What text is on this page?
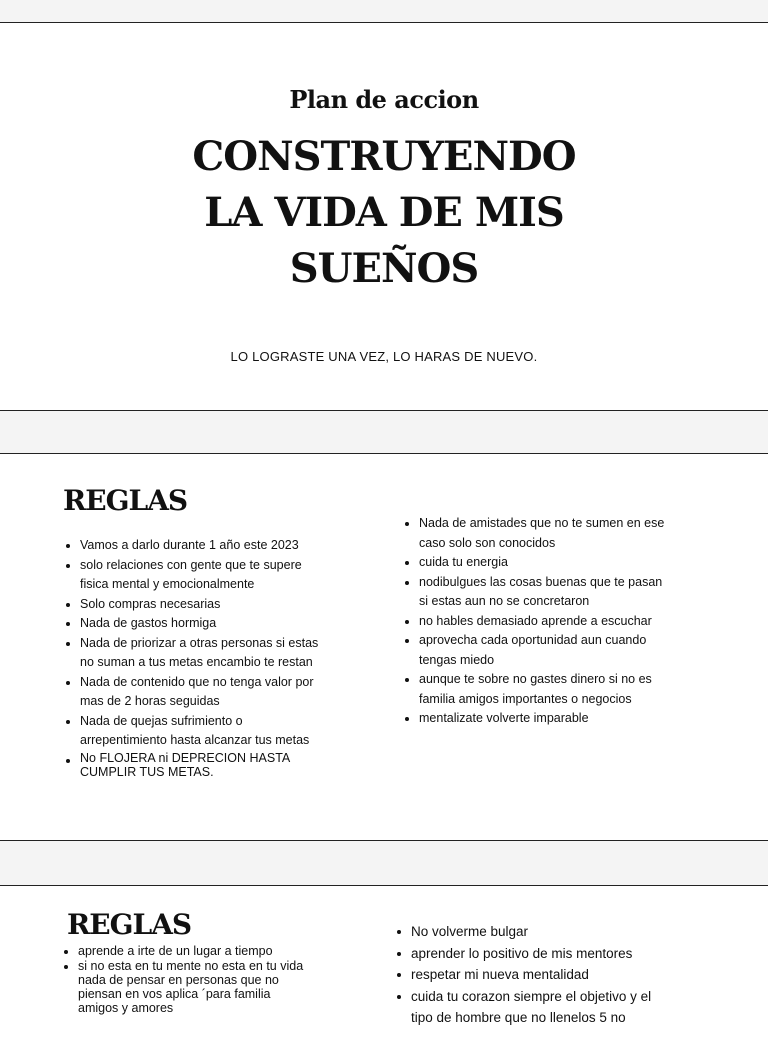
Plan de accion
CONSTRUYENDO
LA VIDA DE MIS
SUEÑOS
LO LOGRASTE UNA VEZ, LO HARAS DE NUEVO.
REGLAS
Vamos a darlo durante 1 año este 2023
solo relaciones con gente que te supere fisica mental y emocionalmente
Solo compras necesarias
Nada de gastos hormiga
Nada de priorizar a otras personas si estas no suman a tus metas encambio te restan
Nada de contenido que no tenga valor por mas de 2 horas seguidas
Nada de quejas sufrimiento o arrepentimiento hasta alcanzar tus metas
No FLOJERA ni DEPRECION HASTA CUMPLIR TUS METAS.
Nada de amistades que no te sumen en ese caso solo son conocidos
cuida tu energia
nodibulgues las cosas buenas que te pasan si estas aun no se concretaron
no hables demasiado aprende a escuchar
aprovecha cada oportunidad aun cuando tengas miedo
aunque te sobre no gastes dinero si no es familia amigos importantes o negocios
mentalizate volverte imparable
REGLAS
aprende a irte de un lugar a tiempo
si no esta en tu mente no esta en tu vida nada de pensar en personas que no piensan en vos aplica ´para familia amigos y amores
No volverme bulgar
aprender lo positivo de mis mentores
respetar mi nueva mentalidad
cuida tu corazon siempre el objetivo y el tipo de hombre que no llenelos 5 no
